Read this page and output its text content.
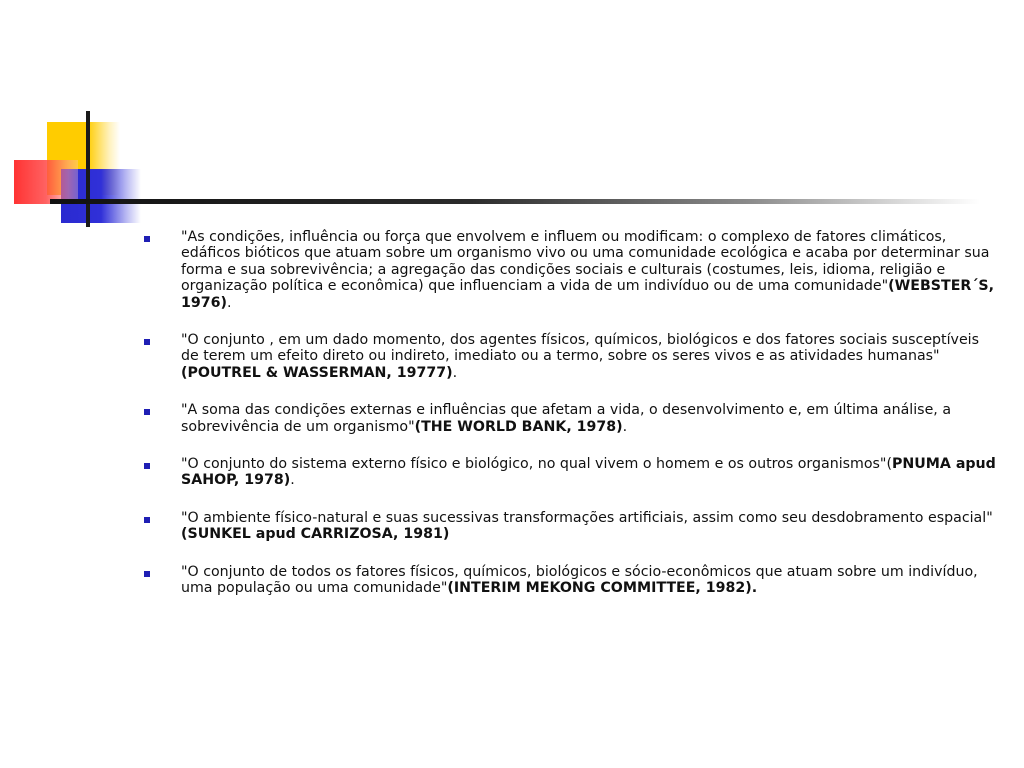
"As condições, influência ou força que envolvem e influem ou modificam: o complexo de fatores climáticos, edáficos bióticos que atuam sobre um organismo vivo ou uma comunidade ecológica e acaba por determinar sua forma e sua sobrevivência; a agregação das condições sociais e culturais (costumes, leis, idioma, religião e organização política e econômica) que influenciam a vida de um indivíduo ou de uma comunidade"(WEBSTER´S, 1976).
"O conjunto , em um dado momento, dos agentes físicos, químicos, biológicos e dos fatores sociais susceptíveis de terem um efeito direto ou indireto, imediato ou a termo, sobre os seres vivos e as atividades humanas"(POUTREL & WASSERMAN, 19777).
"A soma das condições externas e influências que afetam a vida, o desenvolvimento e, em última análise, a sobrevivência de um organismo"(THE WORLD BANK, 1978).
"O conjunto do sistema externo físico e biológico, no qual vivem o homem e os outros organismos"(PNUMA apud SAHOP, 1978).
"O ambiente físico-natural e suas sucessivas transformações artificiais, assim como seu desdobramento espacial"(SUNKEL apud CARRIZOSA, 1981)
"O conjunto de todos os fatores físicos, químicos, biológicos e sócio-econômicos que atuam sobre um indivíduo, uma população ou uma comunidade"(INTERIM MEKONG COMMITTEE, 1982).
